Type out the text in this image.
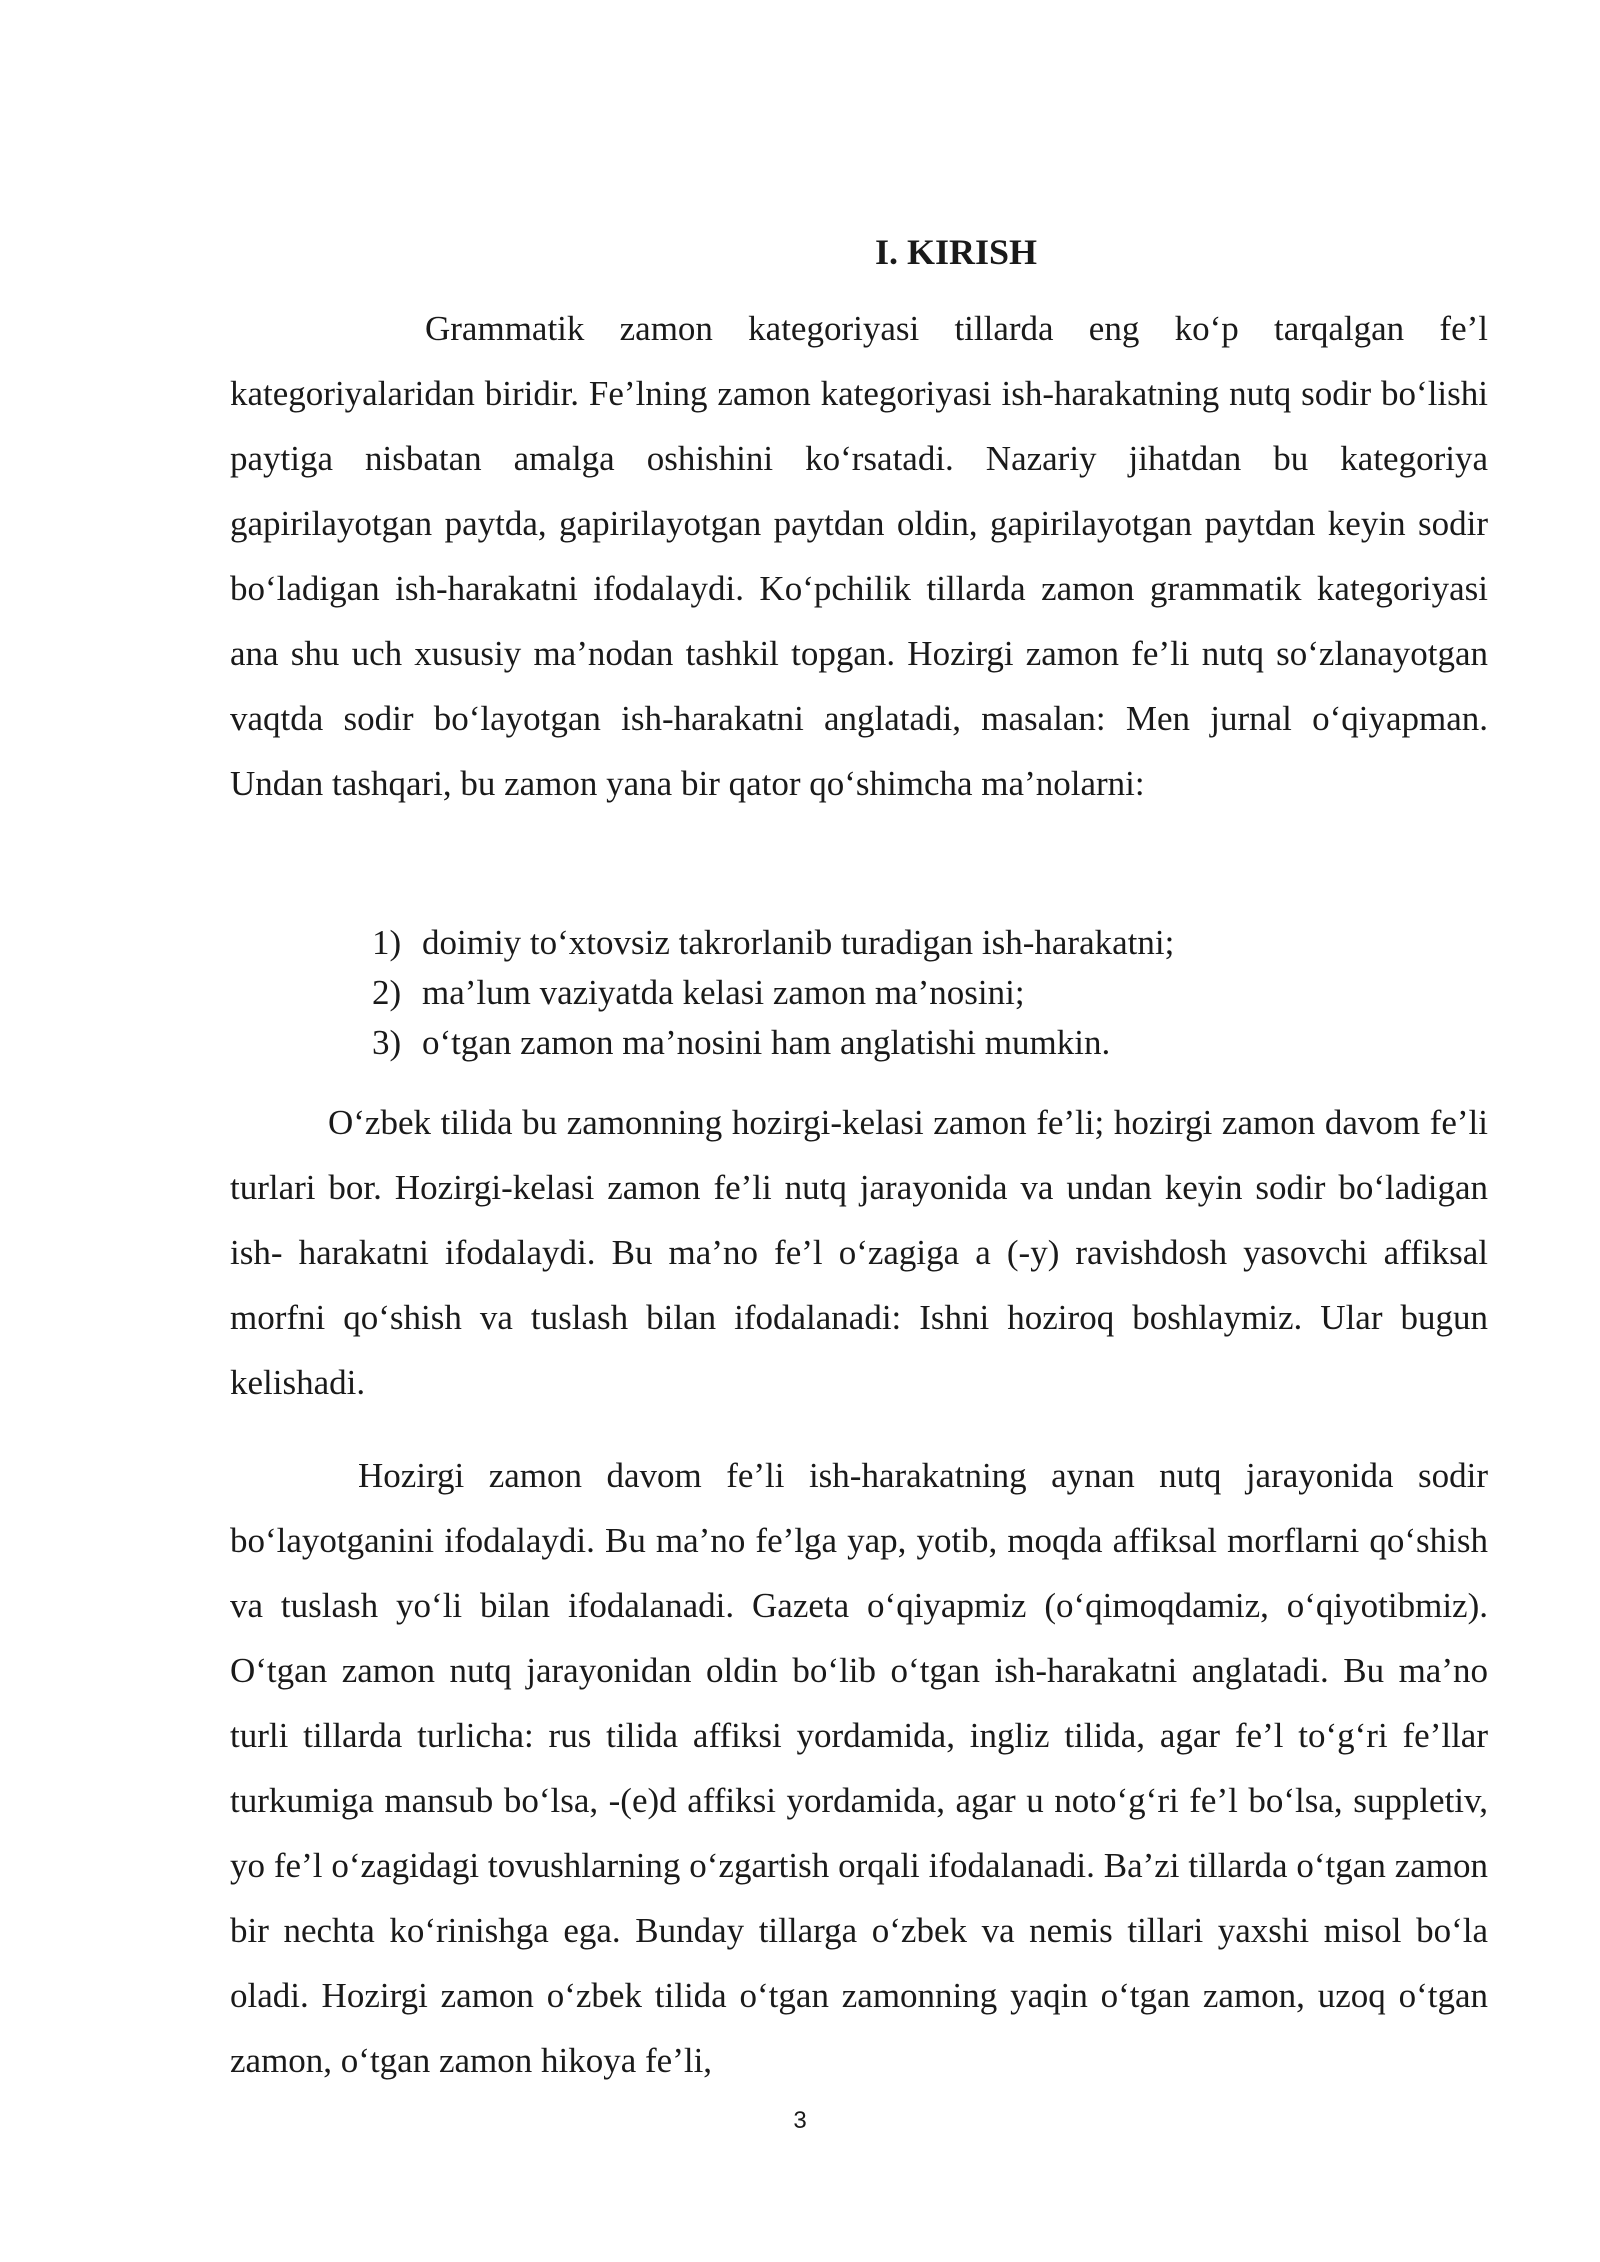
I. KIRISH

Grammatik zamon kategoriyasi tillarda eng ko‘p tarqalgan fe’l kategoriyalaridan biridir. Fe’lning zamon kategoriyasi ish-harakatning nutq sodir bo‘lishi paytiga nisbatan amalga oshishini ko‘rsatadi. Nazariy jihatdan bu kategoriya gapirilayotgan paytda, gapirilayotgan paytdan oldin, gapirilayotgan paytdan keyin sodir bo‘ladigan ish-harakatni ifodalaydi. Ko‘pchilik tillarda zamon grammatik kategoriyasi ana shu uch xususiy ma’nodan tashkil topgan. Hozirgi zamon fe’li nutq so‘zlanayotgan vaqtda sodir bo‘layotgan ish-harakatni anglatadi, masalan: Men jurnal o‘qiyapman. Undan tashqari, bu zamon yana bir qator qo‘shimcha ma’nolarni:

1) doimiy to‘xtovsiz takrorlanib turadigan ish-harakatni;
2) ma’lum vaziyatda kelasi zamon ma’nosini;
3) o‘tgan zamon ma’nosini ham anglatishi mumkin.

O‘zbek tilida bu zamonning hozirgi-kelasi zamon fe’li; hozirgi zamon davom fe’li turlari bor. Hozirgi-kelasi zamon fe’li nutq jarayonida va undan keyin sodir bo‘ladigan ish- harakatni ifodalaydi. Bu ma’no fe’l o‘zagiga a (-y) ravishdosh yasovchi affiksal morfni qo‘shish va tuslash bilan ifodalanadi: Ishni hoziroq boshlaymiz. Ular bugun kelishadi.

Hozirgi zamon davom fe’li ish-harakatning aynan nutq jarayonida sodir bo‘layotganini ifodalaydi. Bu ma’no fe’lga yap, yotib, moqda affiksal morflarni qo‘shish va tuslash yo‘li bilan ifodalanadi. Gazeta o‘qiyapmiz (o‘qimoqdamiz, o‘qiyotibmiz). O‘tgan zamon nutq jarayonidan oldin bo‘lib o‘tgan ish-harakatni anglatadi. Bu ma’no turli tillarda turlicha: rus tilida affiksi yordamida, ingliz tilida, agar fe’l to‘g‘ri fe’llar turkumiga mansub bo‘lsa, -(e)d affiksi yordamida, agar u noto‘g‘ri fe’l bo‘lsa, suppletiv, yo fe’l o‘zagidagi tovushlarning o‘zgartish orqali ifodalanadi. Ba’zi tillarda o‘tgan zamon bir nechta ko‘rinishga ega. Bunday tillarga o‘zbek va nemis tillari yaxshi misol bo‘la oladi. Hozirgi zamon o‘zbek tilida o‘tgan zamonning yaqin o‘tgan zamon, uzoq o‘tgan zamon, o‘tgan zamon hikoya fe’li,

3
